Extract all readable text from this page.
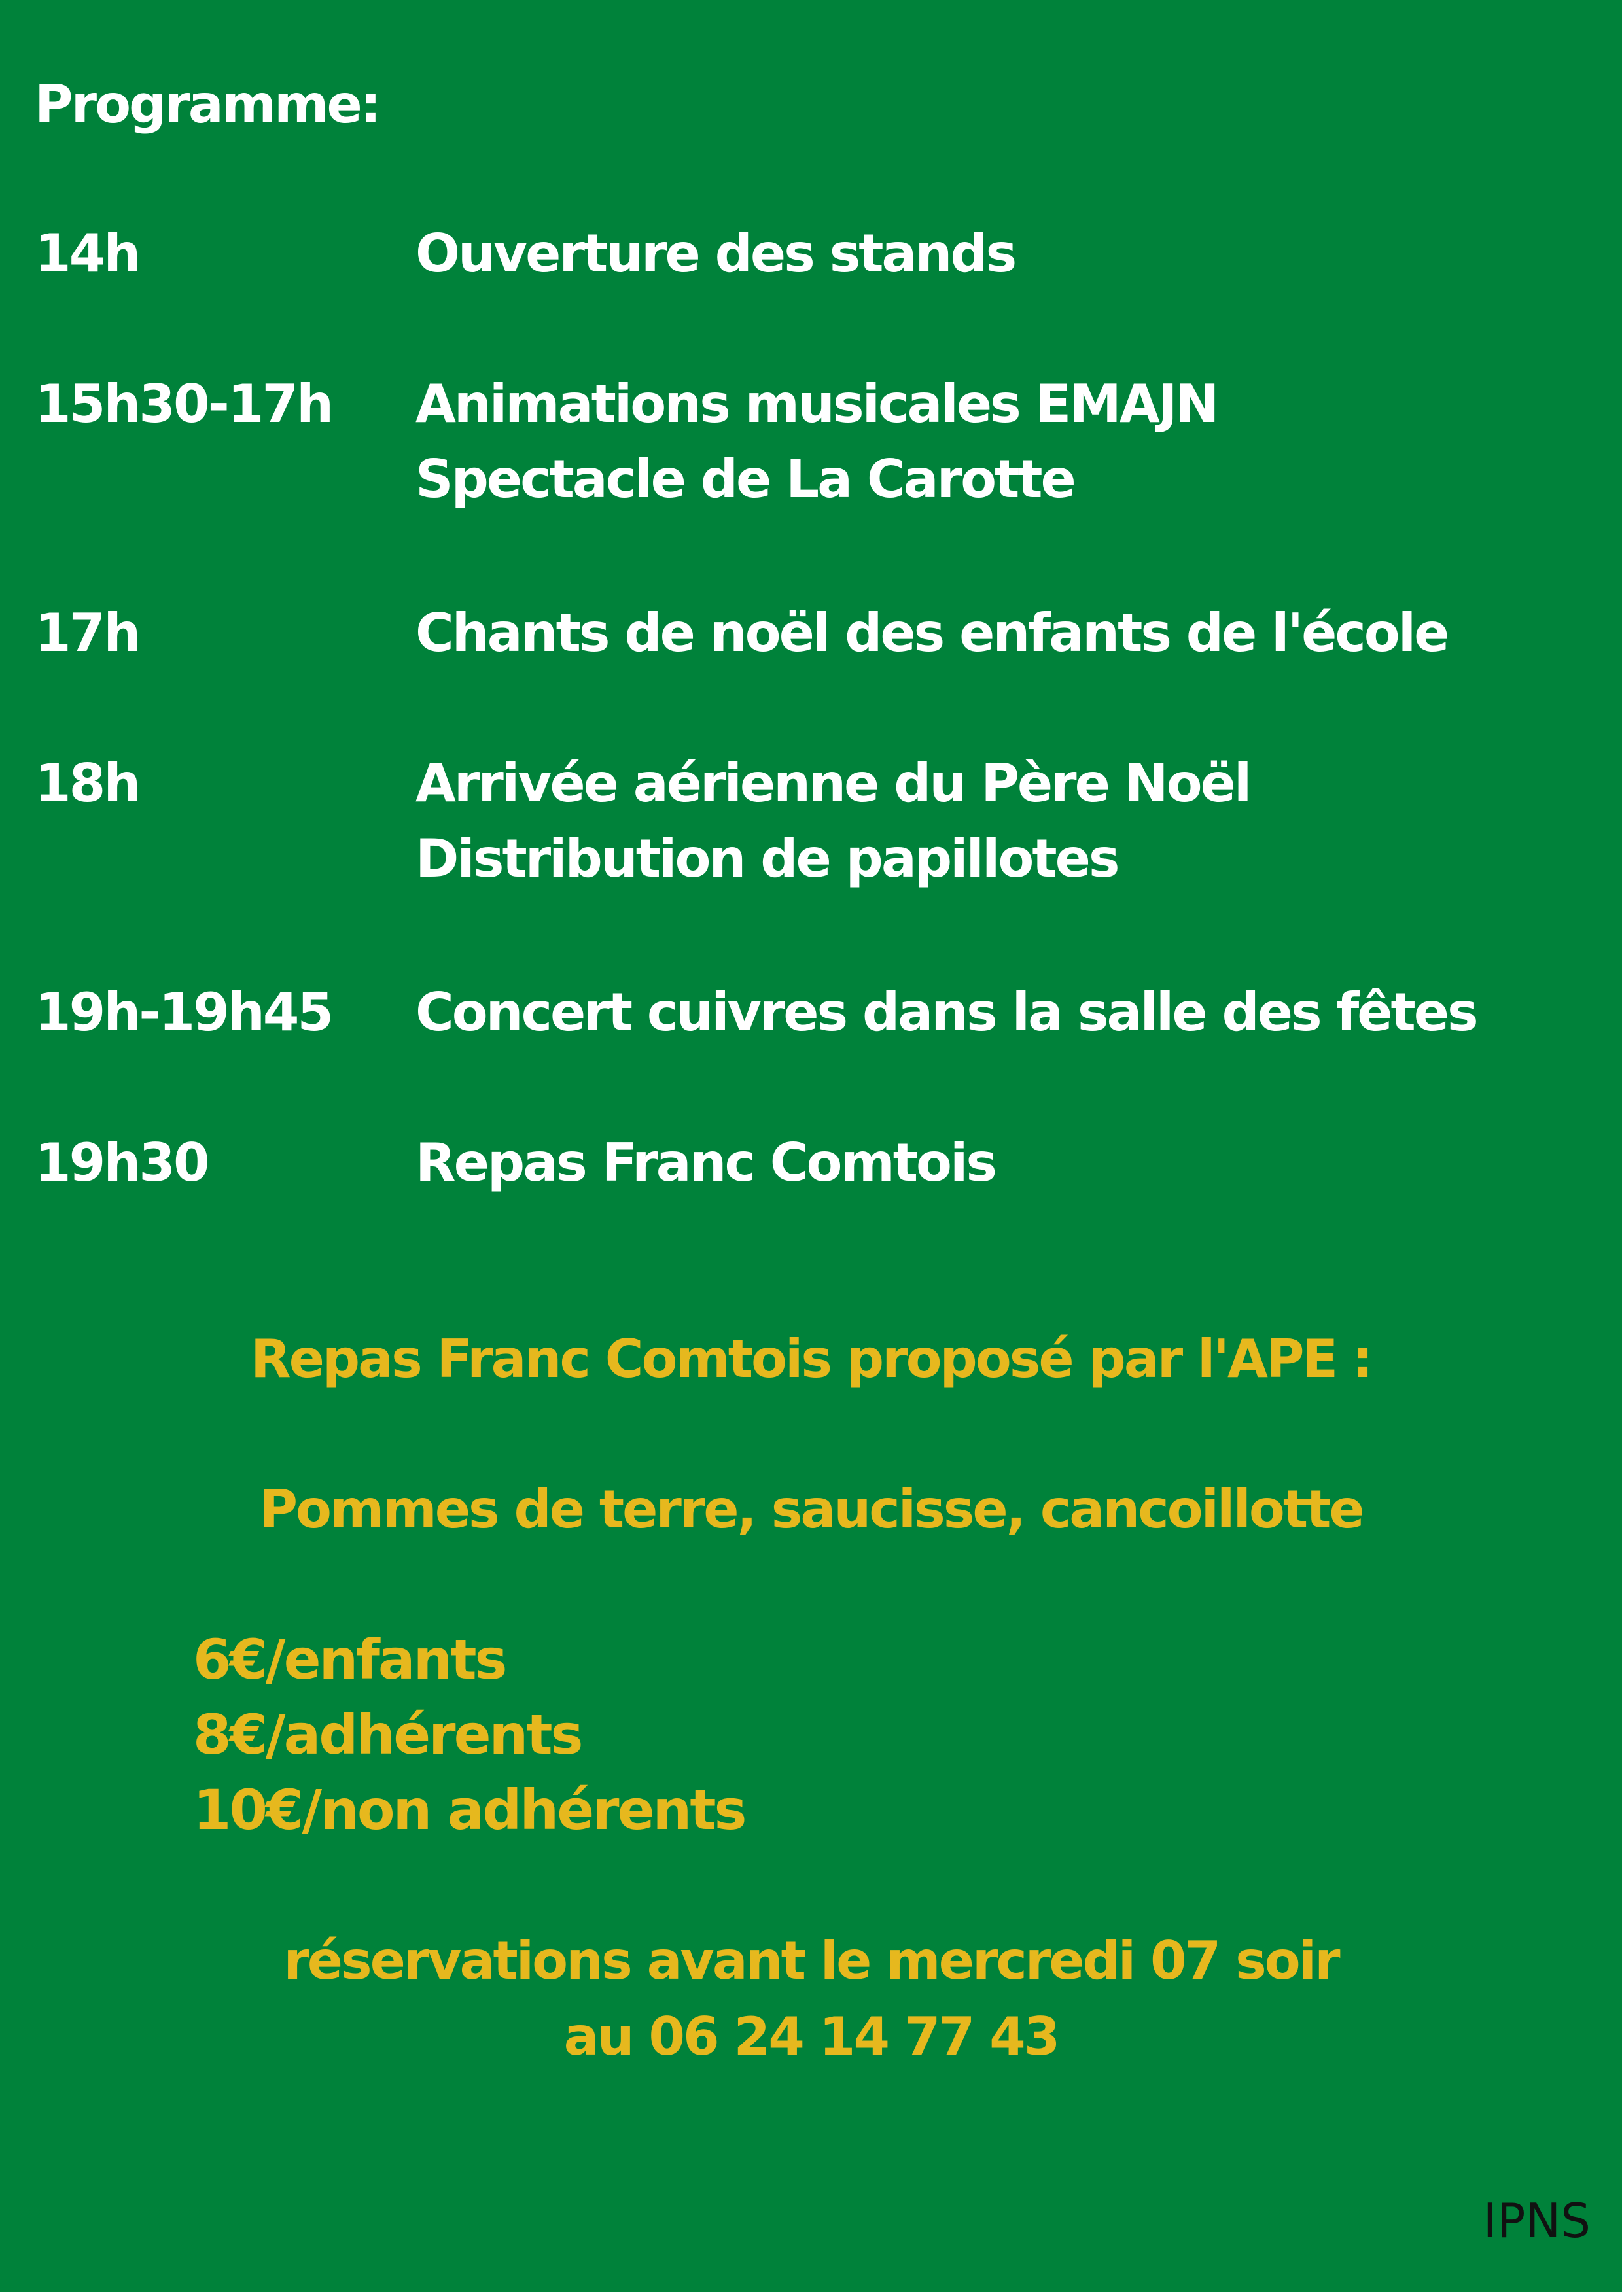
Programme:
14h	Ouverture des stands
15h30-17h Animations musicales EMAJN
Spectacle de La Carotte
17h	Chants de noël des enfants de l'école
18h	Arrivée aérienne du Père Noël
Distribution de papillotes
19h-19h45 Concert cuivres dans la salle des fêtes
19h30	Repas Franc Comtois
Repas Franc Comtois proposé par l'APE :
Pommes de terre, saucisse, cancoillotte
6€/enfants
8€/adhérents
10€/non adhérents
réservations avant le mercredi 07 soir
au 06 24 14 77 43
IPNS
